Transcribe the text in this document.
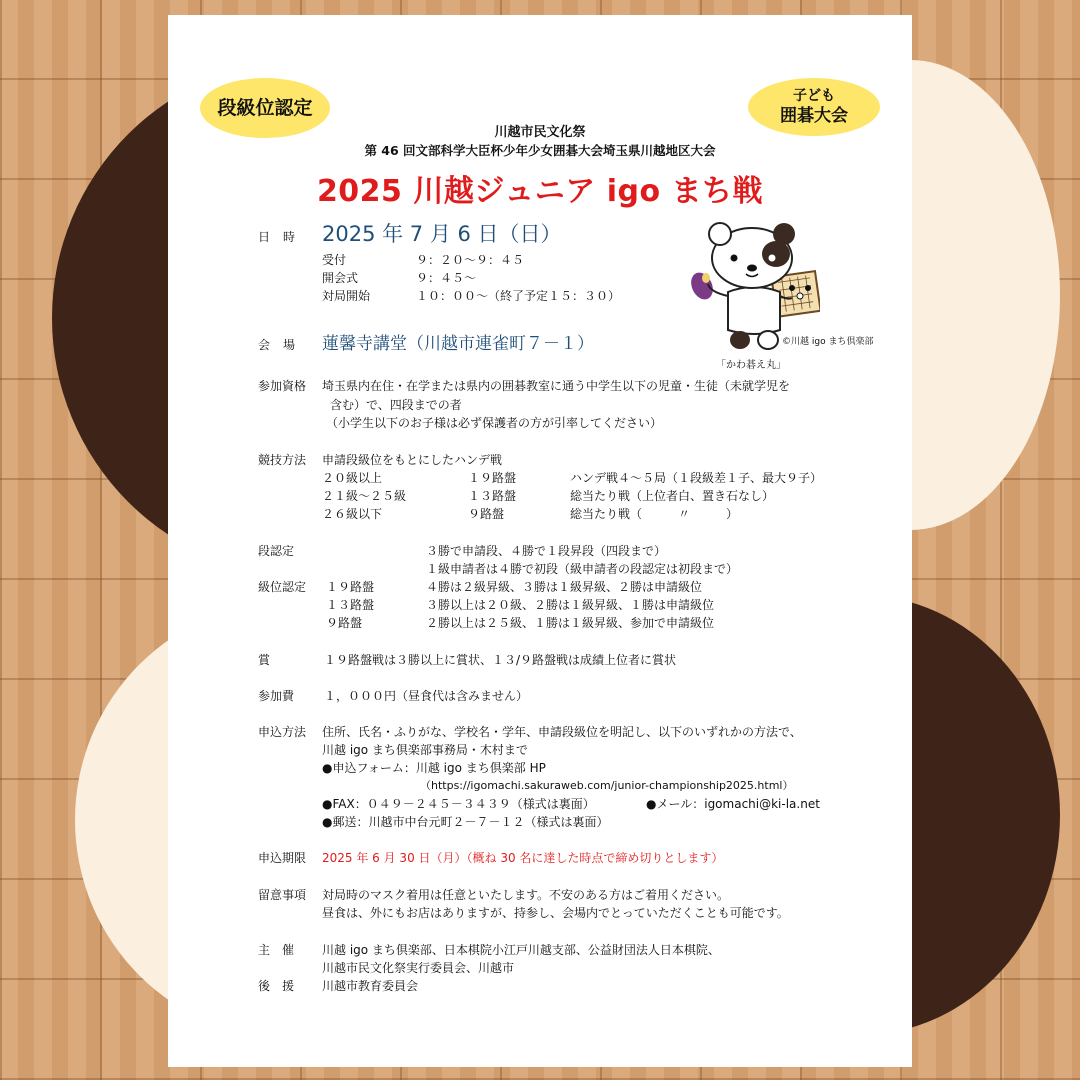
段級位認定
子ども
囲碁大会
川越市民文化祭
第 46 回文部科学大臣杯少年少女囲碁大会埼玉県川越地区大会
2025 川越ジュニア igo まち戦
日　時 2025 年 7 月 6 日（日）
受付	９：２０〜９：４５
開会式	９：４５〜
対局開始	１０：００〜（終了予定１５：３０）
©川越 igo まち倶楽部
「かわ碁え丸」
会　場 蓮馨寺講堂（川越市連雀町７－１）
参加資格 埼玉県内在住・在学または県内の囲碁教室に通う中学生以下の児童・生徒（未就学児を
含む）で、四段までの者
（小学生以下のお子様は必ず保護者の方が引率してください）
競技方法 申請段級位をもとにしたハンデ戦
２０級以上	１９路盤	ハンデ戦４〜５局（１段級差１子、最大９子）
２１級〜２５級	１３路盤	総当たり戦（上位者白、置き石なし）
２６級以下	９路盤	総当たり戦（　　　〃　　　）
段認定	３勝で申請段、４勝で１段昇段（四段まで）
１級申請者は４勝で初段（級申請者の段認定は初段まで）
級位認定 １９路盤	４勝は２級昇級、３勝は１級昇級、２勝は申請級位
１３路盤	３勝以上は２０級、２勝は１級昇級、１勝は申請級位
９路盤	２勝以上は２５級、１勝は１級昇級、参加で申請級位
賞	１９路盤戦は３勝以上に賞状、１３/９路盤戦は成績上位者に賞状
参加費 １，０００円（昼食代は含みません）
申込方法 住所、氏名・ふりがな、学校名・学年、申請段級位を明記し、以下のいずれかの方法で、
川越 igo まち倶楽部事務局・木村まで
●申込フォーム：川越 igo まち倶楽部 HP
（https://igomachi.sakuraweb.com/junior-championship2025.html）
●FAX：０４９－２４５－３４３９（様式は裏面）	●メール：igomachi@ki-la.net
●郵送：川越市中台元町２－７－１２（様式は裏面）
申込期限 2025 年 6 月 30 日（月）（概ね 30 名に達した時点で締め切りとします）
留意事項 対局時のマスク着用は任意といたします。不安のある方はご着用ください。
昼食は、外にもお店はありますが、持参し、会場内でとっていただくことも可能です。
主　催 川越 igo まち倶楽部、日本棋院小江戸川越支部、公益財団法人日本棋院、
川越市民文化祭実行委員会、川越市
後　援 川越市教育委員会
